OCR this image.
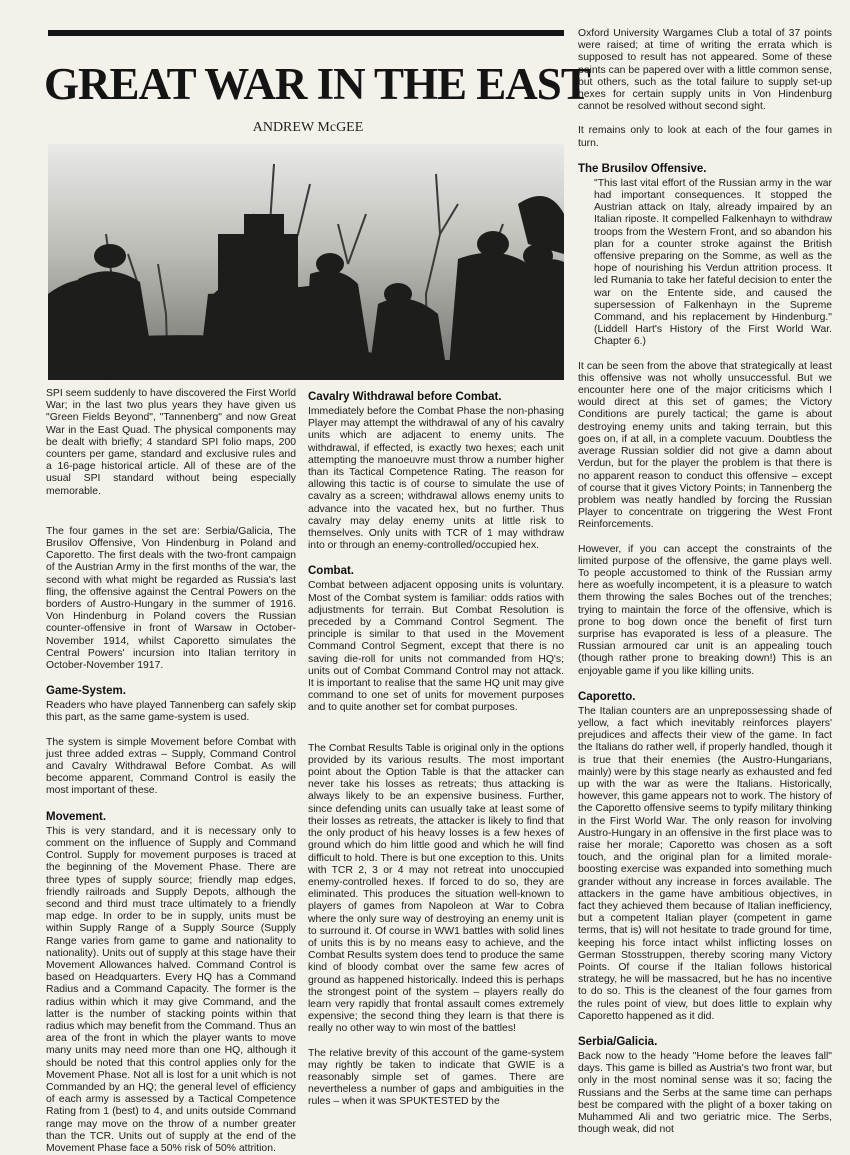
GREAT WAR IN THE EAST
ANDREW McGEE

SPI seem suddenly to have discovered the First World War; in the last two plus years they have given us "Green Fields Beyond", "Tannenberg" and now Great War in the East Quad. The physical components may be dealt with briefly; 4 standard SPI folio maps, 200 counters per game, standard and exclusive rules and a 16-page historical article. All of these are of the usual SPI standard without being especially memorable.

The four games in the set are: Serbia/Galicia, The Brusilov Offensive, Von Hindenburg in Poland and Caporetto. The first deals with the two-front campaign of the Austrian Army in the first months of the war, the second with what might be regarded as Russia's last fling, the offensive against the Central Powers on the borders of Austro-Hungary in the summer of 1916. Von Hindenburg in Poland covers the Russian counter-offensive in front of Warsaw in October-November 1914, whilst Caporetto simulates the Central Powers' incursion into Italian territory in October-November 1917.

Game-System.

Readers who have played Tannenberg can safely skip this part, as the same game-system is used.

The system is simple Movement before Combat with just three added extras – Supply, Command Control and Cavalry Withdrawal Before Combat. As will become apparent, Command Control is easily the most important of these.

Movement.

This is very standard, and it is necessary only to comment on the influence of Supply and Command Control. Supply for movement purposes is traced at the beginning of the Movement Phase. There are three types of supply source; friendly map edges, friendly railroads and Supply Depots, although the second and third must trace ultimately to a friendly map edge. In order to be in supply, units must be within Supply Range of a Supply Source (Supply Range varies from game to game and nationality to nationality). Units out of supply at this stage have their Movement Allowances halved. Command Control is based on Headquarters. Every HQ has a Command Radius and a Command Capacity. The former is the radius within which it may give Command, and the latter is the number of stacking points within that radius which may benefit from the Command. Thus an area of the front in which the player wants to move many units may need more than one HQ, although it should be noted that this control applies only for the Movement Phase. Not all is lost for a unit which is not Commanded by an HQ; the general level of efficiency of each army is assessed by a Tactical Competence Rating from 1 (best) to 4, and units outside Command range may move on the throw of a number greater than the TCR. Units out of supply at the end of the Movement Phase face a 50% risk of 50% attrition.

Cavalry Withdrawal before Combat.

Immediately before the Combat Phase the non-phasing Player may attempt the withdrawal of any of his cavalry units which are adjacent to enemy units. The withdrawal, if effected, is exactly two hexes; each unit attempting the manoeuvre must throw a number higher than its Tactical Competence Rating. The reason for allowing this tactic is of course to simulate the use of cavalry as a screen; withdrawal allows enemy units to advance into the vacated hex, but no further. Thus cavalry may delay enemy units at little risk to themselves. Only units with TCR of 1 may withdraw into or through an enemy-controlled/occupied hex.

Combat.

Combat between adjacent opposing units is voluntary. Most of the Combat system is familiar: odds ratios with adjustments for terrain. But Combat Resolution is preceded by a Command Control Segment. The principle is similar to that used in the Movement Command Control Segment, except that there is no saving die-roll for units not commanded from HQ's; units out of Combat Command Control may not attack. It is important to realise that the same HQ unit may give command to one set of units for movement purposes and to quite another set for combat purposes.

The Combat Results Table is original only in the options provided by its various results. The most important point about the Option Table is that the attacker can never take his losses as retreats; thus attacking is always likely to be an expensive business. Further, since defending units can usually take at least some of their losses as retreats, the attacker is likely to find that the only product of his heavy losses is a few hexes of ground which do him little good and which he will find difficult to hold. There is but one exception to this. Units with TCR 2, 3 or 4 may not retreat into unoccupied enemy-controlled hexes. If forced to do so, they are eliminated. This produces the situation well-known to players of games from Napoleon at War to Cobra where the only sure way of destroying an enemy unit is to surround it. Of course in WW1 battles with solid lines of units this is by no means easy to achieve, and the Combat Results system does tend to produce the same kind of bloody combat over the same few acres of ground as happened historically. Indeed this is perhaps the strongest point of the system – players really do learn very rapidly that frontal assault comes extremely expensive; the second thing they learn is that there is really no other way to win most of the battles!

The relative brevity of this account of the game-system may rightly be taken to indicate that GWIE is a reasonably simple set of games. There are nevertheless a number of gaps and ambiguities in the rules – when it was SPUKTESTED by the

Oxford University Wargames Club a total of 37 points were raised; at time of writing the errata which is supposed to result has not appeared. Some of these points can be papered over with a little common sense, but others, such as the total failure to supply set-up hexes for certain supply units in Von Hindenburg cannot be resolved without second sight.

It remains only to look at each of the four games in turn.

The Brusilov Offensive.

"This last vital effort of the Russian army in the war had important consequences. It stopped the Austrian attack on Italy, already impaired by an Italian riposte. It compelled Falkenhayn to withdraw troops from the Western Front, and so abandon his plan for a counter stroke against the British offensive preparing on the Somme, as well as the hope of nourishing his Verdun attrition process. It led Rumania to take her fateful decision to enter the war on the Entente side, and caused the supersession of Falkenhayn in the Supreme Command, and his replacement by Hindenburg." (Liddell Hart's History of the First World War. Chapter 6.)

It can be seen from the above that strategically at least this offensive was not wholly unsuccessful. But we encounter here one of the major criticisms which I would direct at this set of games; the Victory Conditions are purely tactical; the game is about destroying enemy units and taking terrain, but this goes on, if at all, in a complete vacuum. Doubtless the average Russian soldier did not give a damn about Verdun, but for the player the problem is that there is no apparent reason to conduct this offensive – except of course that it gives Victory Points; in Tannenberg the problem was neatly handled by forcing the Russian Player to concentrate on triggering the West Front Reinforcements.

However, if you can accept the constraints of the limited purpose of the offensive, the game plays well. To people accustomed to think of the Russian army here as woefully incompetent, it is a pleasure to watch them throwing the sales Boches out of the trenches; trying to maintain the force of the offensive, which is prone to bog down once the benefit of first turn surprise has evaporated is less of a pleasure. The Russian armoured car unit is an appealing touch (though rather prone to breaking down!) This is an enjoyable game if you like killing units.

Caporetto.

The Italian counters are an unprepossessing shade of yellow, a fact which inevitably reinforces players' prejudices and affects their view of the game. In fact the Italians do rather well, if properly handled, though it is true that their enemies (the Austro-Hungarians, mainly) were by this stage nearly as exhausted and fed up with the war as were the Italians. Historically, however, this game appears not to work. The history of the Caporetto offensive seems to typify military thinking in the First World War. The only reason for involving Austro-Hungary in an offensive in the first place was to raise her morale; Caporetto was chosen as a soft touch, and the original plan for a limited morale-boosting exercise was expanded into something much grander without any increase in forces available. The attackers in the game have ambitious objectives, in fact they achieved them because of Italian inefficiency, but a competent Italian player (competent in game terms, that is) will not hesitate to trade ground for time, keeping his force intact whilst inflicting losses on German Stosstruppen, thereby scoring many Victory Points. Of course if the Italian follows historical strategy, he will be massacred, but he has no incentive to do so. This is the cleanest of the four games from the rules point of view, but does little to explain why Caporetto happened as it did.

Serbia/Galicia.

Back now to the heady "Home before the leaves fall" days. This game is billed as Austria's two front war, but only in the most nominal sense was it so; facing the Russians and the Serbs at the same time can perhaps best be compared with the plight of a boxer taking on Muhammed Ali and two geriatric mice. The Serbs, though weak, did not
